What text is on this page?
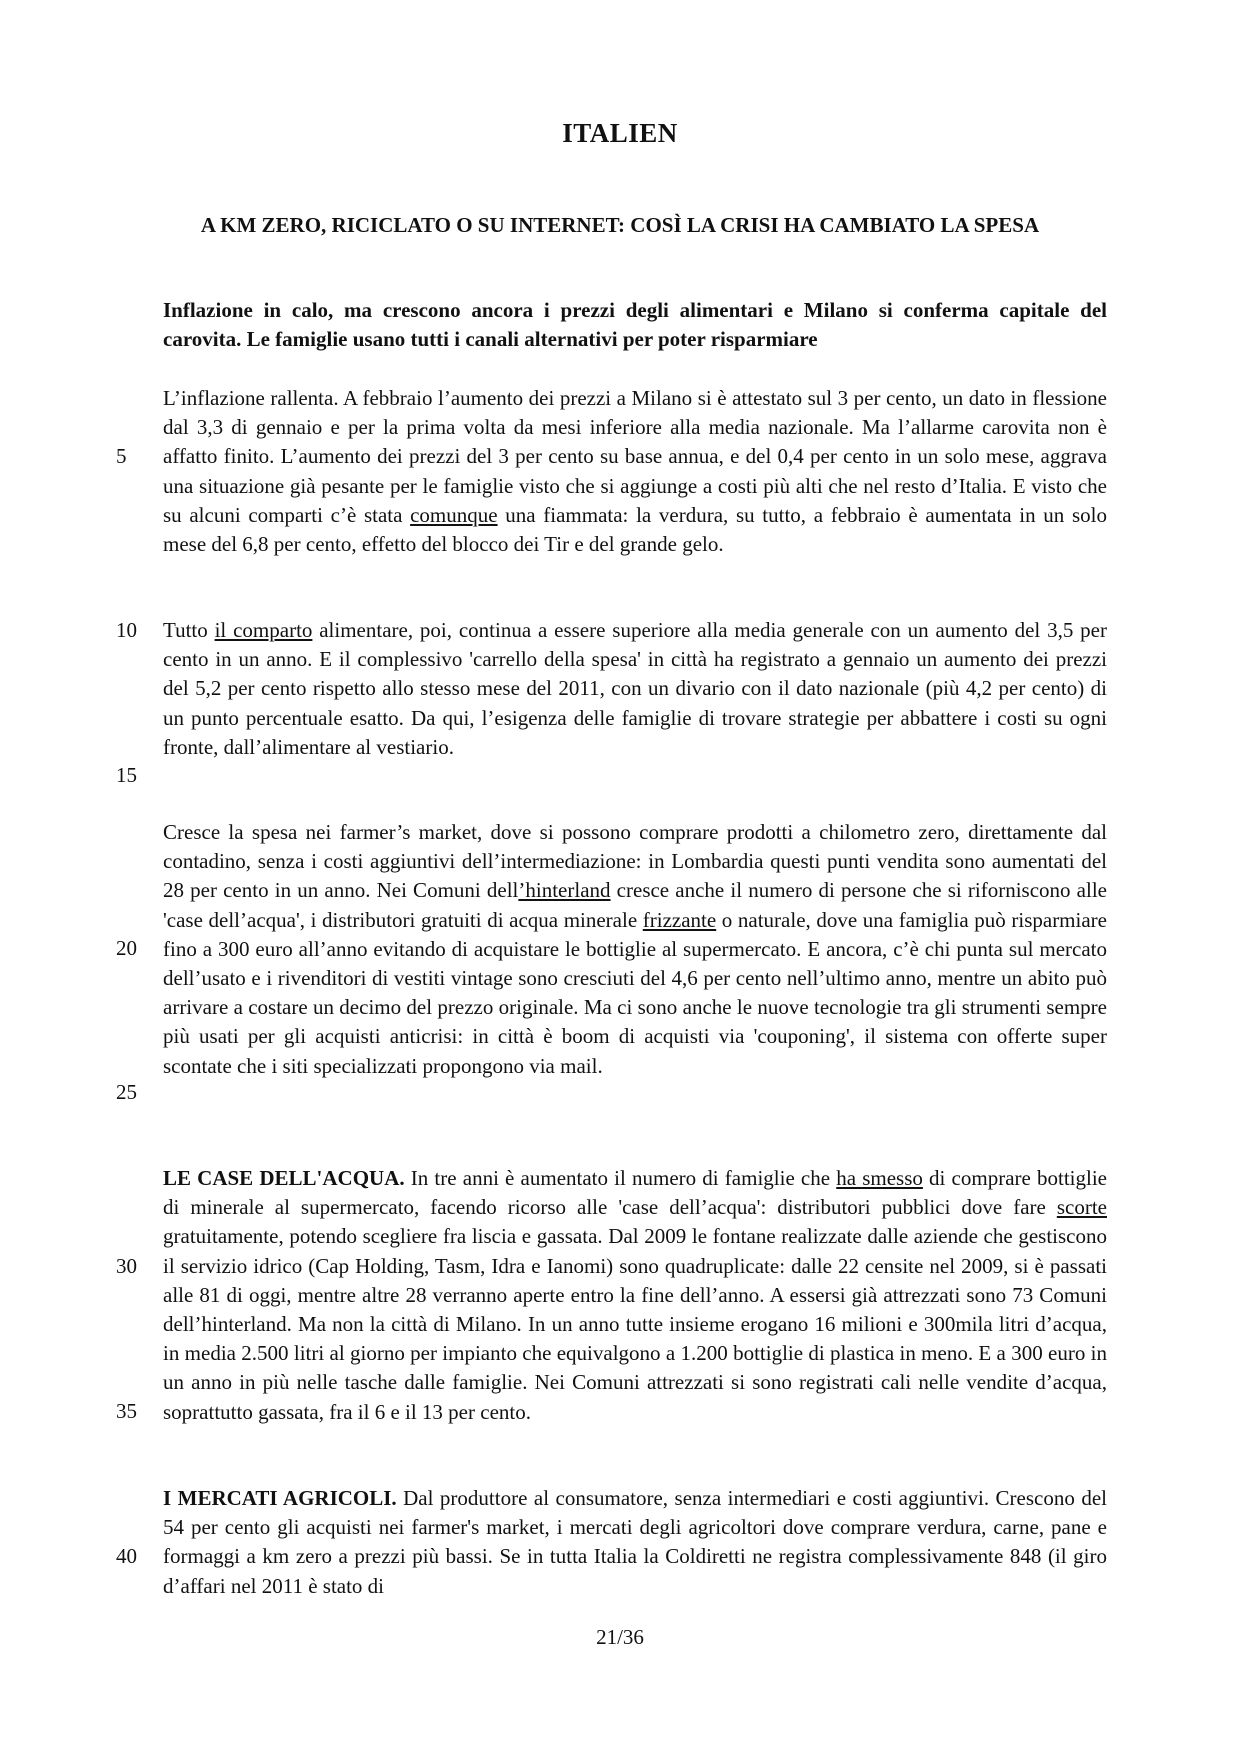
ITALIEN
A KM ZERO, RICICLATO O SU INTERNET: COSÌ LA CRISI HA CAMBIATO LA SPESA
Inflazione in calo, ma crescono ancora i prezzi degli alimentari e Milano si conferma capitale del carovita. Le famiglie usano tutti i canali alternativi per poter risparmiare
L’inflazione rallenta. A febbraio l’aumento dei prezzi a Milano si è attestato sul 3 per cento, un dato in flessione dal 3,3 di gennaio e per la prima volta da mesi inferiore alla media nazionale. Ma l’allarme carovita non è affatto finito. L’aumento dei prezzi del 3 per cento su base annua, e del 0,4 per cento in un solo mese, aggrava una situazione già pesante per le famiglie visto che si aggiunge a costi più alti che nel resto d’Italia. E visto che su alcuni comparti c’è stata comunque una fiammata: la verdura, su tutto, a febbraio è aumentata in un solo mese del 6,8 per cento, effetto del blocco dei Tir e del grande gelo.
Tutto il comparto alimentare, poi, continua a essere superiore alla media generale con un aumento del 3,5 per cento in un anno. E il complessivo 'carrello della spesa' in città ha registrato a gennaio un aumento dei prezzi del 5,2 per cento rispetto allo stesso mese del 2011, con un divario con il dato nazionale (più 4,2 per cento) di un punto percentuale esatto. Da qui, l’esigenza delle famiglie di trovare strategie per abbattere i costi su ogni fronte, dall’alimentare al vestiario.
Cresce la spesa nei farmer’s market, dove si possono comprare prodotti a chilometro zero, direttamente dal contadino, senza i costi aggiuntivi dell’intermediazione: in Lombardia questi punti vendita sono aumentati del 28 per cento in un anno. Nei Comuni dell’hinterland cresce anche il numero di persone che si riforniscono alle 'case dell’acqua', i distributori gratuiti di acqua minerale frizzante o naturale, dove una famiglia può risparmiare fino a 300 euro all’anno evitando di acquistare le bottiglie al supermercato. E ancora, c’è chi punta sul mercato dell’usato e i rivenditori di vestiti vintage sono cresciuti del 4,6 per cento nell’ultimo anno, mentre un abito può arrivare a costare un decimo del prezzo originale. Ma ci sono anche le nuove tecnologie tra gli strumenti sempre più usati per gli acquisti anticrisi: in città è boom di acquisti via 'couponing', il sistema con offerte super scontate che i siti specializzati propongono via mail.
LE CASE DELL'ACQUA. In tre anni è aumentato il numero di famiglie che ha smesso di comprare bottiglie di minerale al supermercato, facendo ricorso alle 'case dell’acqua': distributori pubblici dove fare scorte gratuitamente, potendo scegliere fra liscia e gassata. Dal 2009 le fontane realizzate dalle aziende che gestiscono il servizio idrico (Cap Holding, Tasm, Idra e Ianomi) sono quadruplicate: dalle 22 censite nel 2009, si è passati alle 81 di oggi, mentre altre 28 verranno aperte entro la fine dell’anno. A essersi già attrezzati sono 73 Comuni dell’hinterland. Ma non la città di Milano. In un anno tutte insieme erogano 16 milioni e 300mila litri d’acqua, in media 2.500 litri al giorno per impianto che equivalgono a 1.200 bottiglie di plastica in meno. E a 300 euro in un anno in più nelle tasche dalle famiglie. Nei Comuni attrezzati si sono registrati cali nelle vendite d’acqua, soprattutto gassata, fra il 6 e il 13 per cento.
I MERCATI AGRICOLI. Dal produttore al consumatore, senza intermediari e costi aggiuntivi. Crescono del 54 per cento gli acquisti nei farmer's market, i mercati degli agricoltori dove comprare verdura, carne, pane e formaggi a km zero a prezzi più bassi. Se in tutta Italia la Coldiretti ne registra complessivamente 848 (il giro d’affari nel 2011 è stato di
5
10
15
20
25
30
35
40
21/36
